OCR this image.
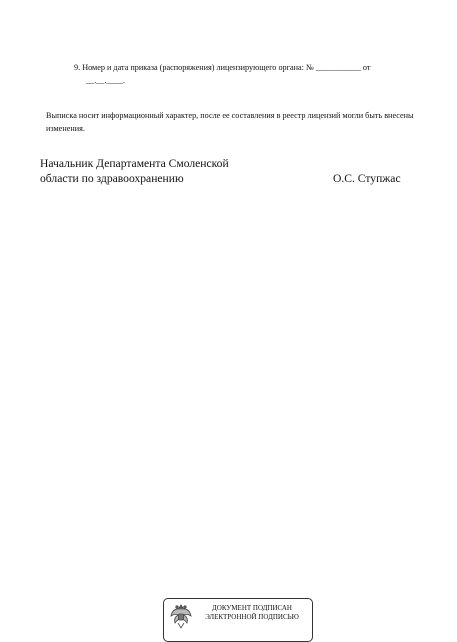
9. Номер и дата приказа (распоряжения) лицензирующего органа: № ___________ от
__.__.____.

Выписка носит информационный характер, после ее составления в реестр лицензий могли быть внесены изменения.

Начальник Департамента Смоленской
области по здравоохранению	О.С. Ступжас

ДОКУМЕНТ ПОДПИСАН
ЭЛЕКТРОННОЙ ПОДПИСЬЮ
